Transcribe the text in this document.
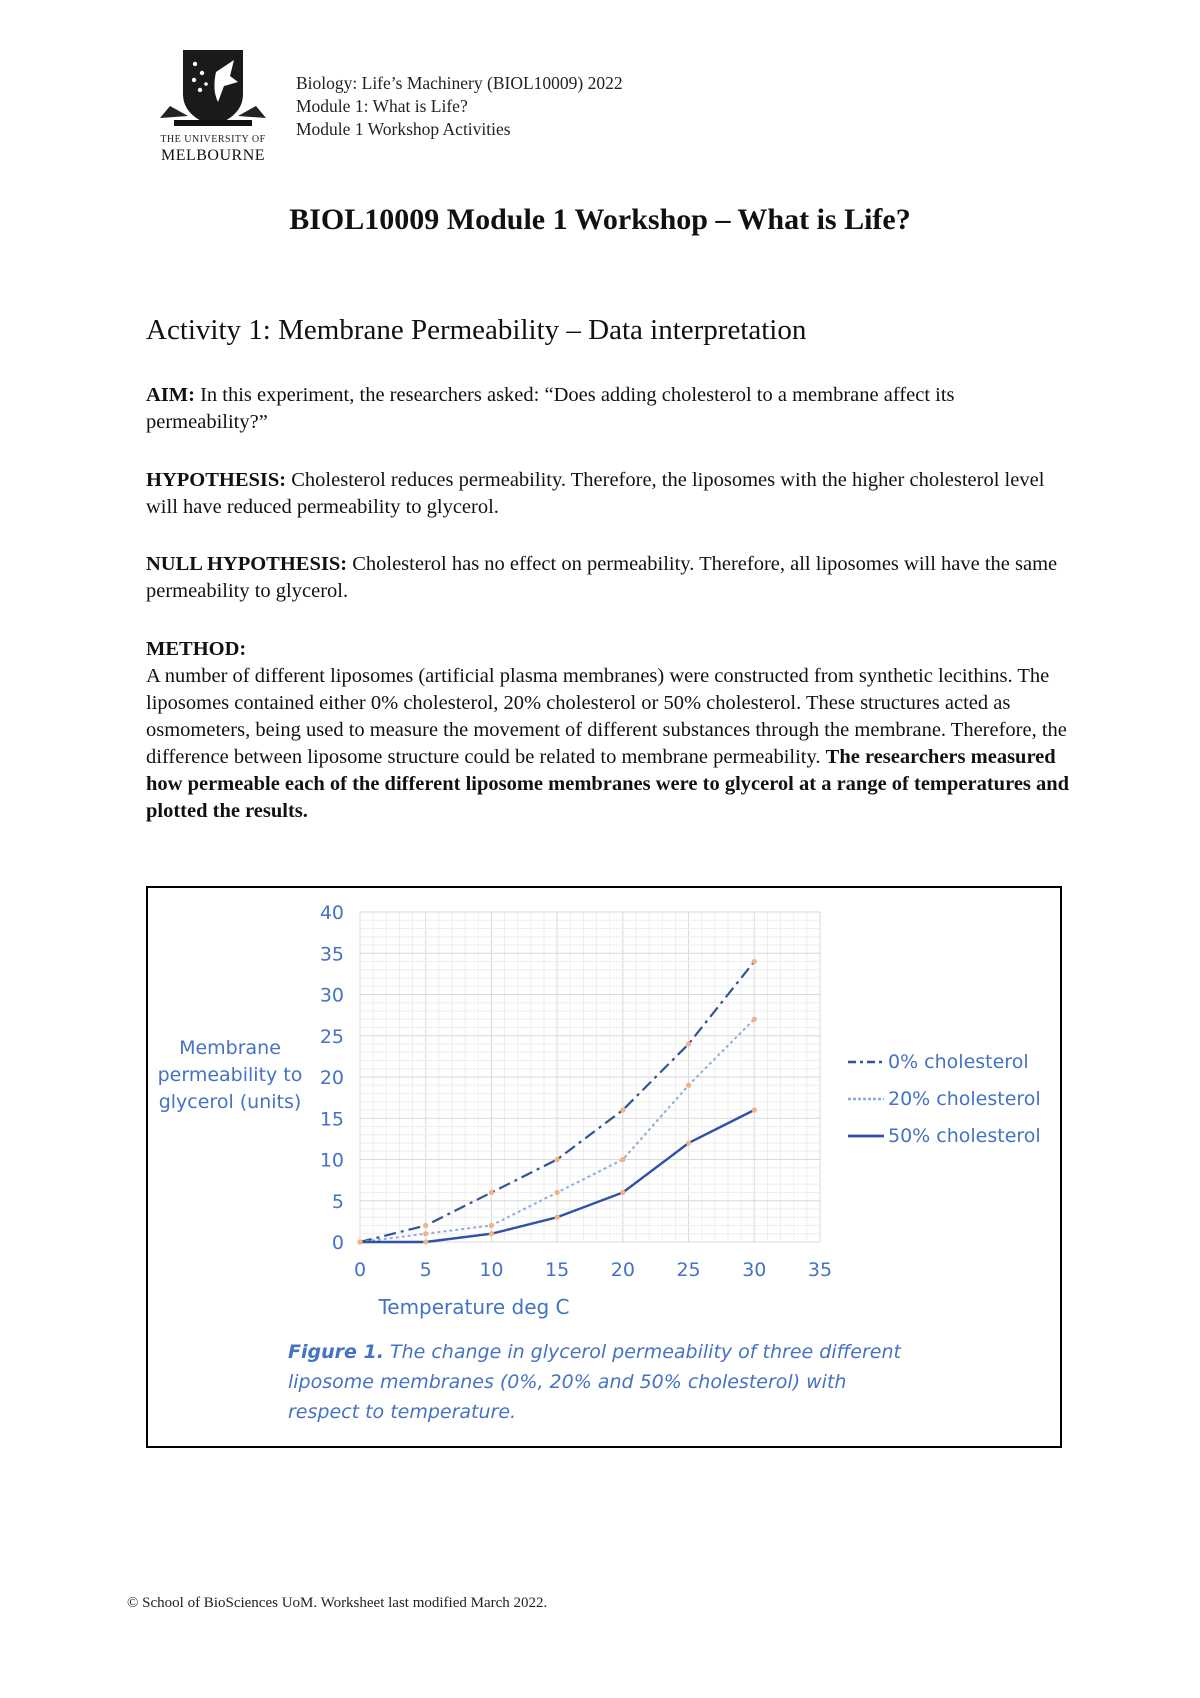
THE UNIVERSITY OF
MELBOURNE
Biology: Life’s Machinery (BIOL10009) 2022
Module 1: What is Life?
Module 1 Workshop Activities
BIOL10009 Module 1 Workshop – What is Life?
Activity 1: Membrane Permeability – Data interpretation

AIM: In this experiment, the researchers asked: “Does adding cholesterol to a membrane affect its permeability?”

HYPOTHESIS: Cholesterol reduces permeability. Therefore, the liposomes with the higher cholesterol level will have reduced permeability to glycerol.

NULL HYPOTHESIS: Cholesterol has no effect on permeability. Therefore, all liposomes will have the same permeability to glycerol.

METHOD:
A number of different liposomes (artificial plasma membranes) were constructed from synthetic lecithins. The liposomes contained either 0% cholesterol, 20% cholesterol or 50% cholesterol. These structures acted as osmometers, being used to measure the movement of different substances through the membrane. Therefore, the difference between liposome structure could be related to membrane permeability. The researchers measured how permeable each of the different liposome membranes were to glycerol at a range of temperatures and plotted the results.

0
5
10
15
20
25
30
35
40
0	5	10 15 20 25 30 35
Membrane
permeability to
glycerol (units)
Temperature deg C
0% cholesterol
20% cholesterol
50% cholesterol
Figure 1. The change in glycerol permeability of three different
liposome membranes (0%, 20% and 50% cholesterol) with
respect to temperature.
© School of BioSciences UoM. Worksheet last modified March 2022.
